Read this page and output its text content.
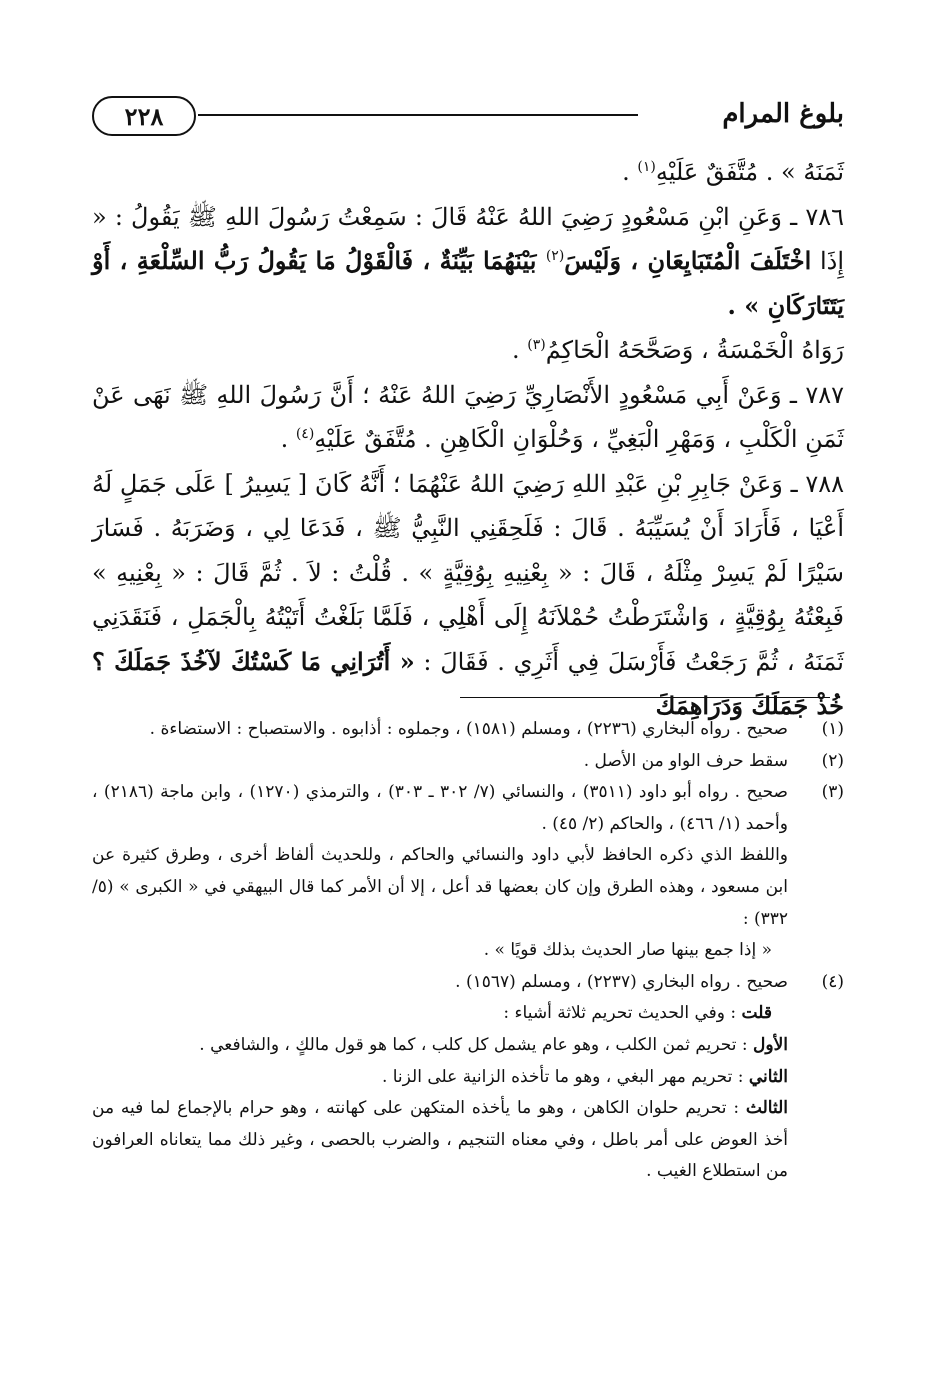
٢٢٨	بلوغ المرام

ثَمَنَهُ » . مُتَّفَقٌ عَلَيْهِ$^{(١)}$ .

٧٨٦ ـ وَعَنِ ابْنِ مَسْعُودٍ رَضِيَ اللهُ عَنْهُ قَالَ : سَمِعْتُ رَسُولَ اللهِ ﷺ يَقُولُ : « إِذَا اخْتَلَفَ الْمُتَبَايِعَانِ ، وَلَيْسَ$^{(٢)}$ بَيْنَهُمَا بَيِّنَةٌ ، فَالْقَوْلُ مَا يَقُولُ رَبُّ السِّلْعَةِ ، أَوْ يَتَتَارَكَانِ » .
رَوَاهُ الْخَمْسَةُ ، وَصَحَّحَهُ الْحَاكِمُ$^{(٣)}$ .

٧٨٧ ـ وَعَنْ أَبِي مَسْعُودٍ الأَنْصَارِيِّ رَضِيَ اللهُ عَنْهُ ؛ أَنَّ رَسُولَ اللهِ ﷺ نَهَى عَنْ ثَمَنِ الْكَلْبِ ، وَمَهْرِ الْبَغِيِّ ، وَحُلْوَانِ الْكَاهِنِ . مُتَّفَقٌ عَلَيْهِ$^{(٤)}$ .

٧٨٨ ـ وَعَنْ جَابِرِ بْنِ عَبْدِ اللهِ رَضِيَ اللهُ عَنْهُمَا ؛ أَنَّهُ كَانَ [ يَسِيرُ ] عَلَى جَمَلٍ لَهُ أَعْيَا ، فَأَرَادَ أَنْ يُسَيِّبَهُ . قَالَ : فَلَحِقَنِي النَّبِيُّ ﷺ ، فَدَعَا لِي ، وَضَرَبَهُ . فَسَارَ سَيْرًا لَمْ يَسِرْ مِثْلَهُ ، قَالَ : « بِعْنِيهِ بِوُقِيَّةٍ » . قُلْتُ : لاَ . ثُمَّ قَالَ : « بِعْنِيهِ » فَبِعْتُهُ بِوُقِيَّةٍ ، وَاشْتَرَطْتُ حُمْلاَنَهُ إِلَى أَهْلِي ، فَلَمَّا بَلَغْتُ أَتَيْتُهُ بِالْجَمَلِ ، فَنَقَدَنِي ثَمَنَهُ ، ثُمَّ رَجَعْتُ فَأَرْسَلَ فِي أَثَرِي . فَقَالَ : « أَتُرَانِي مَا كَسْتُكَ لآخُذَ جَمَلَكَ ؟ خُذْ جَمَلَكَ وَدَرَاهِمَكَ

(١)
صحيح . رواه البخاري (٢٢٣٦) ، ومسلم (١٥٨١) ، وجملوه : أذابوه . والاستصباح : الاستضاءة .

(٢)
سقط حرف الواو من الأصل .

(٣)
صحيح . رواه أبو داود (٣٥١١) ، والنسائي (٧/ ٣٠٢ ـ ٣٠٣) ، والترمذي (١٢٧٠) ، وابن ماجة (٢١٨٦) ، وأحمد (١/ ٤٦٦) ، والحاكم (٢/ ٤٥) .

واللفظ الذي ذكره الحافظ لأبي داود والنسائي والحاكم ، وللحديث ألفاظ أخرى ، وطرق كثيرة عن ابن مسعود ، وهذه الطرق وإن كان بعضها قد أعل ، إلا أن الأمر كما قال البيهقي في « الكبرى » (٥/ ٣٣٢) :

« إذا جمع بينها صار الحديث بذلك قويًا » .

(٤)
صحيح . رواه البخاري (٢٢٣٧) ، ومسلم (١٥٦٧) .

قلت : وفي الحديث تحريم ثلاثة أشياء :

الأول : تحريم ثمن الكلب ، وهو عام يشمل كل كلب ، كما هو قول مالكٍ ، والشافعي .

الثاني : تحريم مهر البغي ، وهو ما تأخذه الزانية على الزنا .

الثالث : تحريم حلوان الكاهن ، وهو ما يأخذه المتكهن على كهانته ، وهو حرام بالإجماع لما فيه من أخذ العوض على أمر باطل ، وفي معناه التنجيم ، والضرب بالحصى ، وغير ذلك مما يتعاناه العرافون من استطلاع الغيب .
